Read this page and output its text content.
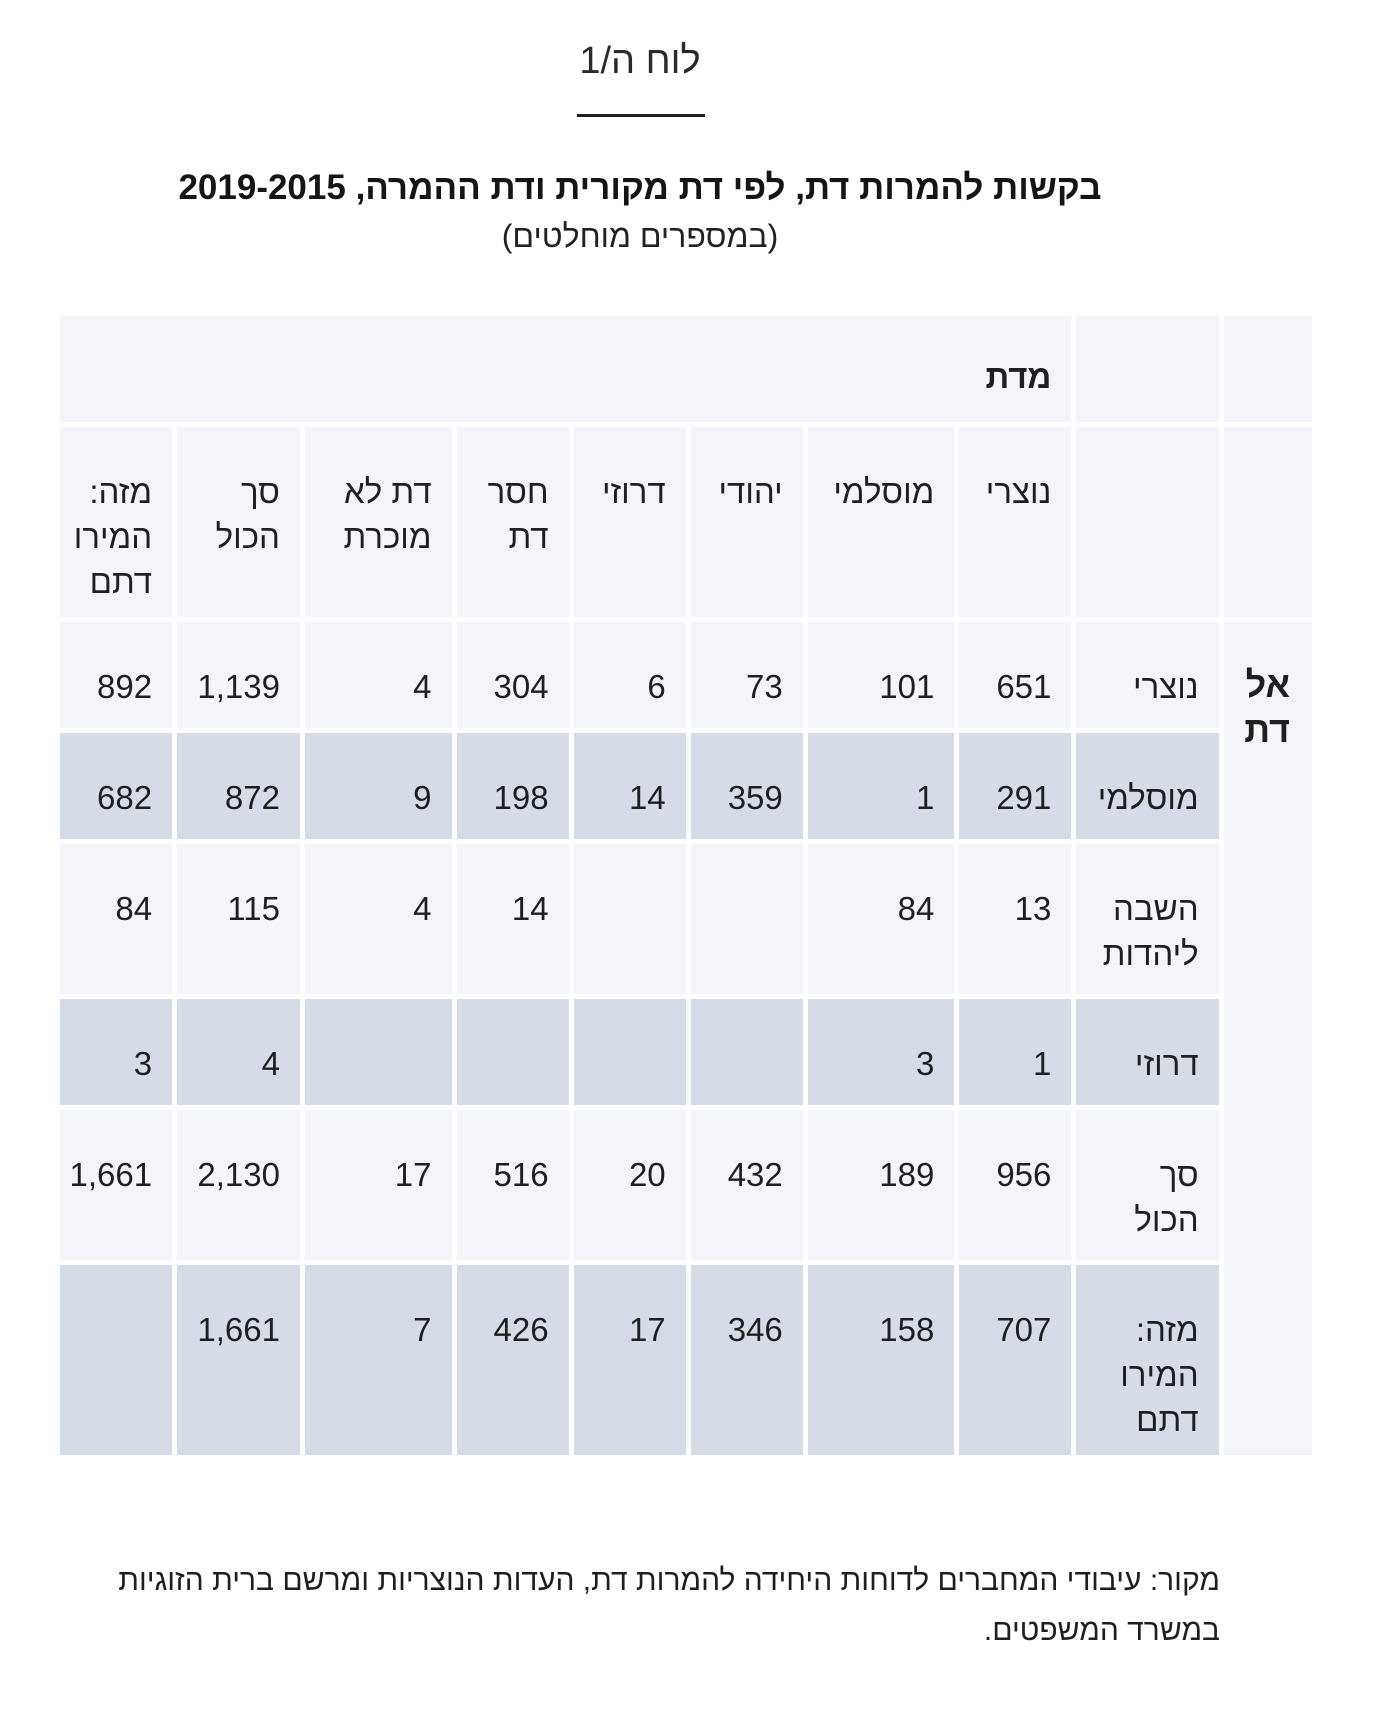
לוח ה/1
בקשות להמרות דת, לפי דת מקורית ודת ההמרה, 2019-2015
(במספרים מוחלטים)
		מדת							
		נוצרי	מוסלמי	יהודי	דרוזי	חסר דת	דת לא מוכרת	סך הכול	מזה: המירו דתם
אל דת	נוצרי	651	101	73	6	304	4	1,139	892
	מוסלמי	291	1	359	14	198	9	872	682
	השבה ליהדות	13	84			14	4	115	84
	דרוזי	1	3					4	3
	סך הכול	956	189	432	20	516	17	2,130	1,661
	מזה: המירו דתם	707	158	346	17	426	7	1,661	
מקור: עיבודי המחברים לדוחות היחידה להמרות דת, העדות הנוצריות ומרשם ברית הזוגיות במשרד המשפטים.
